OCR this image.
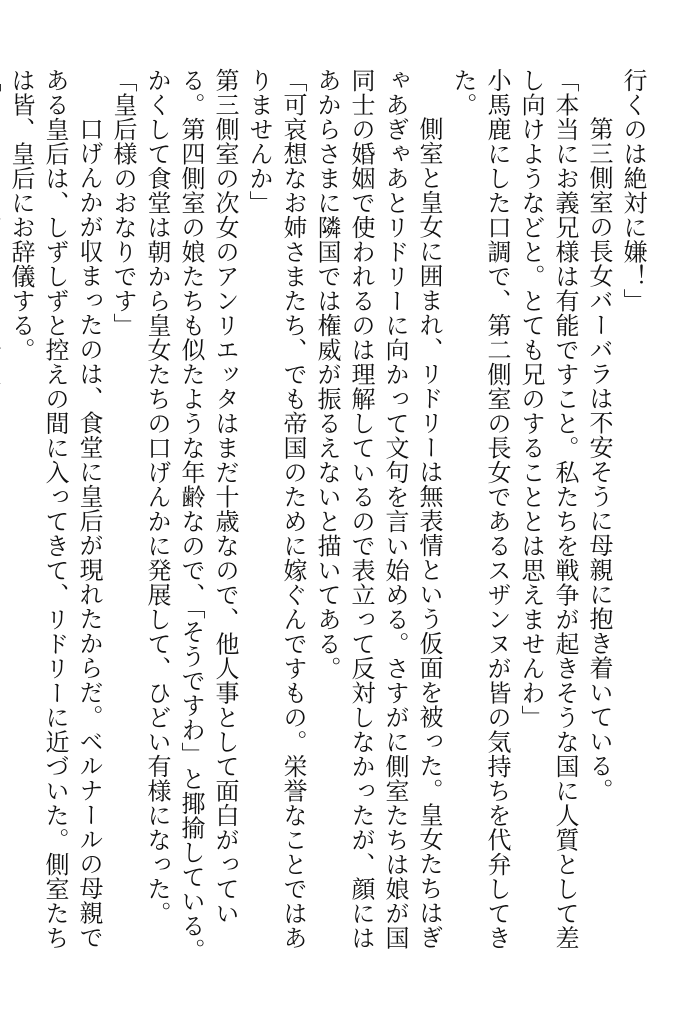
行くのは絶対に嫌！」

　第三側室の長女バーバラは不安そうに母親に抱き着いている。

「本当にお義兄様は有能ですこと。私たちを戦争が起きそうな国に人質として差し向けようなどと。とても兄のすることとは思えませんわ」

小馬鹿にした口調で、第二側室の長女であるスザンヌが皆の気持ちを代弁してきた。

　側室と皇女に囲まれ、リドリーは無表情という仮面を被った。皇女たちはぎゃあぎゃあとリドリーに向かって文句を言い始める。さすがに側室たちは娘が国同士の婚姻で使われるのは理解しているので表立って反対しなかったが、顔にはあからさまに隣国では権威が振るえないと描いてある。

「可哀想なお姉さまたち、でも帝国のために嫁ぐんですもの。栄誉なことではありませんか」

第三側室の次女のアンリエッタはまだ十歳なので、他人事として面白がっている。第四側室の娘たちも似たような年齢なので、「そうですわ」と揶揄している。かくして食堂は朝から皇女たちの口げんかに発展して、ひどい有様になった。

「皇后様のおなりです」

　口げんかが収まったのは、食堂に皇后が現れたからだ。ベルナールの母親である皇后は、しずしずと控えの間に入ってきて、リドリーに近づいた。側室たちは皆、皇后にお辞儀する。
